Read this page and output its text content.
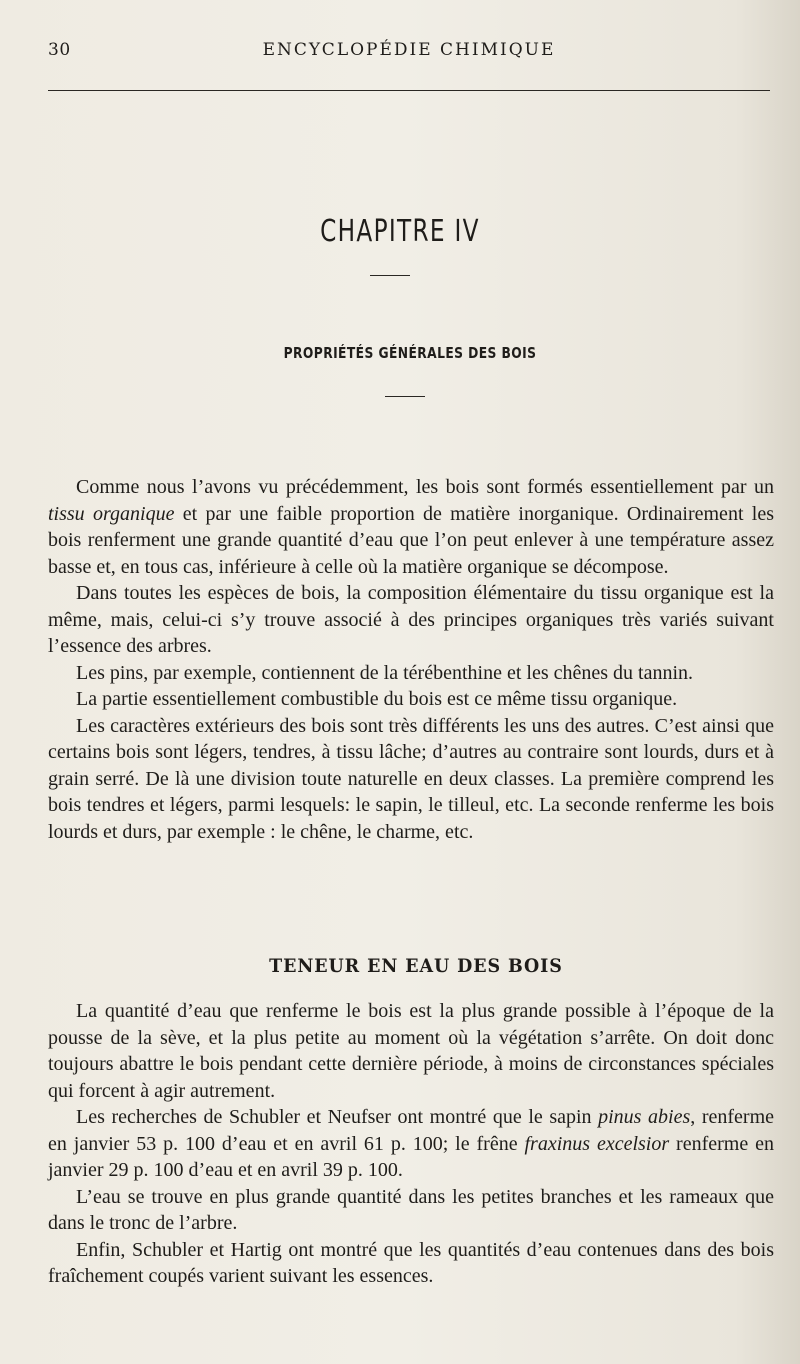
30	ENCYCLOPÉDIE CHIMIQUE
CHAPITRE IV
PROPRIÉTÉS GÉNÉRALES DES BOIS

Comme nous l’avons vu précédemment, les bois sont formés essentiellement par un tissu organique et par une faible proportion de matière inorganique. Ordinairement les bois renferment une grande quantité d’eau que l’on peut enlever à une température assez basse et, en tous cas, inférieure à celle où la matière organique se décompose.

Dans toutes les espèces de bois, la composition élémentaire du tissu organique est la même, mais, celui-ci s’y trouve associé à des principes organiques très variés suivant l’essence des arbres.

Les pins, par exemple, contiennent de la térébenthine et les chênes du tannin.

La partie essentiellement combustible du bois est ce même tissu organique.

Les caractères extérieurs des bois sont très différents les uns des autres. C’est ainsi que certains bois sont légers, tendres, à tissu lâche; d’autres au contraire sont lourds, durs et à grain serré. De là une division toute naturelle en deux classes. La première comprend les bois tendres et légers, parmi lesquels: le sapin, le tilleul, etc. La seconde renferme les bois lourds et durs, par exemple : le chêne, le charme, etc.

TENEUR EN EAU DES BOIS

La quantité d’eau que renferme le bois est la plus grande possible à l’époque de la pousse de la sève, et la plus petite au moment où la végétation s’arrête. On doit donc toujours abattre le bois pendant cette dernière période, à moins de circonstances spéciales qui forcent à agir autrement.

Les recherches de Schubler et Neufser ont montré que le sapin pinus abies, renferme en janvier 53 p. 100 d’eau et en avril 61 p. 100; le frêne fraxinus excelsior renferme en janvier 29 p. 100 d’eau et en avril 39 p. 100.

L’eau se trouve en plus grande quantité dans les petites branches et les rameaux que dans le tronc de l’arbre.

Enfin, Schubler et Hartig ont montré que les quantités d’eau contenues dans des bois fraîchement coupés varient suivant les essences.
